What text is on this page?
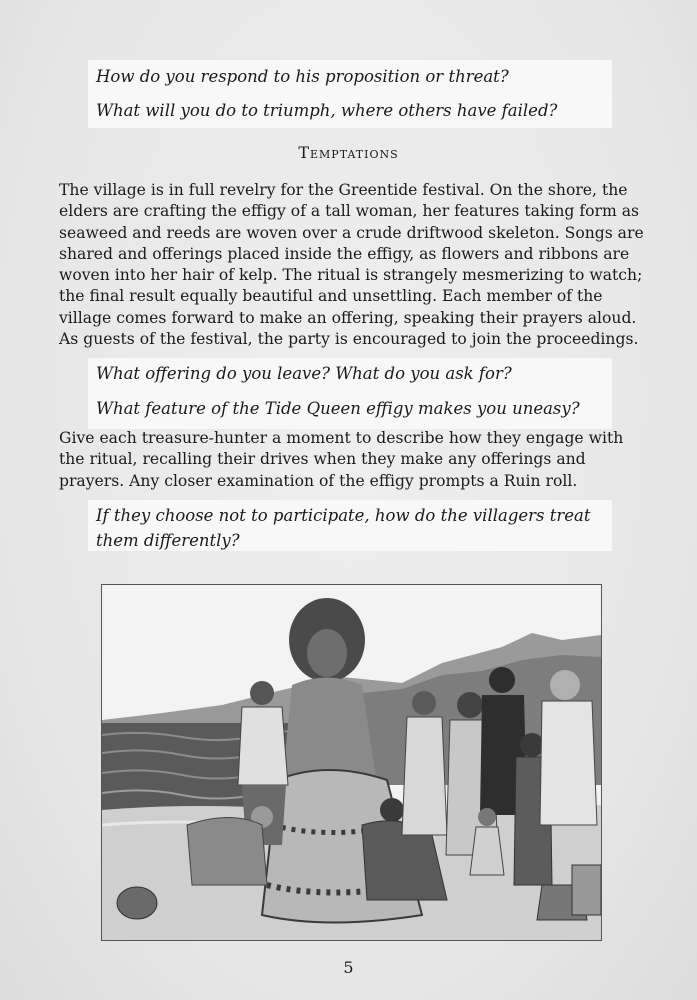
How do you respond to his proposition or threat?

What will you do to triumph, where others have failed?

Temptations

The village is in full revelry for the Greentide festival. On the shore, the elders are crafting the effigy of a tall woman, her features taking form as seaweed and reeds are woven over a crude driftwood skeleton. Songs are shared and offerings placed inside the effigy, as flowers and ribbons are woven into her hair of kelp. The ritual is strangely mesmerizing to watch; the final result equally beautiful and unsettling. Each member of the village comes forward to make an offering, speaking their prayers aloud. As guests of the festival, the party is encouraged to join the proceedings.

What offering do you leave? What do you ask for?

What feature of the Tide Queen effigy makes you uneasy?

Give each treasure-hunter a moment to describe how they engage with the ritual, recalling their drives when they make any offerings and prayers. Any closer examination of the effigy prompts a Ruin roll.

If they choose not to participate, how do the villagers treat them differently?

5
